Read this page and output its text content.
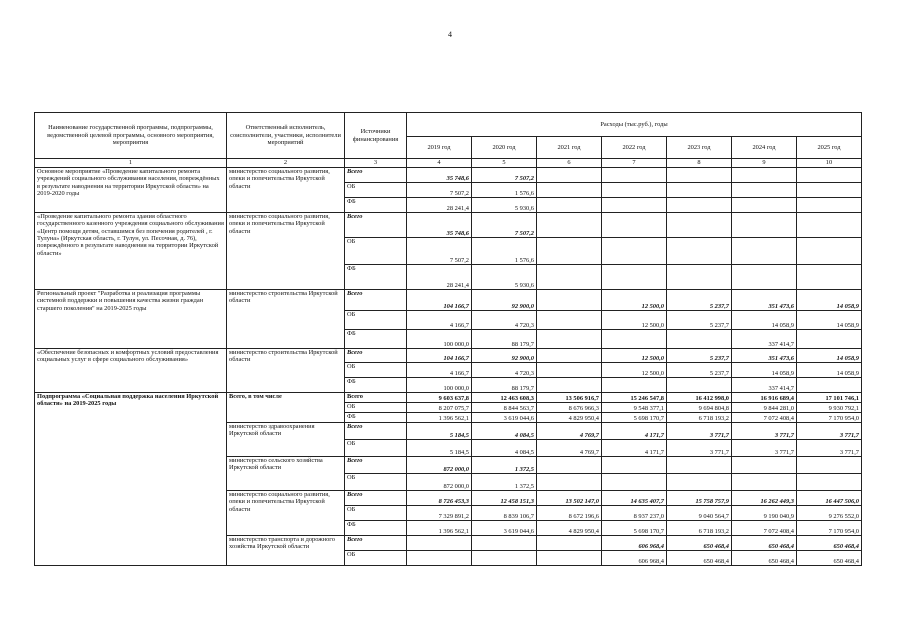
4
Наименование государственной программы, подпрограммы, ведомственной целевой программы, основного мероприятия, мероприятия	Ответственный исполнитель, соисполнители, участники, исполнители мероприятий	Источники финансирования	Расходы (тыс.руб.), годы						
			2019 год	2020 год	2021 год	2022 год	2023 год	2024 год	2025 год
1	2	3	4	5	6	7	8	9	10
Основное мероприятие «Проведение капитального ремонта учреждений социального обслуживания населения, повреждённых в результате наводнения на территории Иркутской области» на 2019-2020 годы	министерство социального развития, опеки и попечительства Иркутской области	Всего	35 748,6	7 507,2					
		ОБ	7 507,2	1 576,6					
		ФБ	28 241,4	5 930,6					
«Проведение капитального ремонта здания областного государственного казенного учреждения социального обслуживания «Центр помощи детям, оставшимся без попечения родителей , г. Тулуна» (Иркутская область, г. Тулун, ул. Песочная, д. 76), повреждённого в результате наводнения на территории Иркутской области»	министерство социального развития, опеки и попечительства Иркутской области	Всего	35 748,6	7 507,2					
		ОБ	7 507,2	1 576,6					
		ФБ	28 241,4	5 930,6					
Региональный проект "Разработка и реализация программы системной поддержки и повышения качества жизни граждан старшего поколения" на 2019-2025 годы	министерство строительства Иркутской области	Всего	104 166,7	92 900,0		12 500,0	5 237,7	351 473,6	14 058,9
		ОБ	4 166,7	4 720,3		12 500,0	5 237,7	14 058,9	14 058,9
		ФБ	100 000,0	88 179,7				337 414,7	
«Обеспечение безопасных и комфортных условий предоставления социальных услуг в сфере социального обслуживания»	министерство строительства Иркутской области	Всего	104 166,7	92 900,0		12 500,0	5 237,7	351 473,6	14 058,9
		ОБ	4 166,7	4 720,3		12 500,0	5 237,7	14 058,9	14 058,9
		ФБ	100 000,0	88 179,7				337 414,7	
Подпрограмма «Социальная поддержка населения Иркутской области» на 2019-2025 годы	Всего, в том числе	Всего	9 603 637,8	12 463 608,3	13 506 916,7	15 246 547,8	16 412 998,0	16 916 689,4	17 101 746,1
		ОБ	8 207 075,7	8 844 563,7	8 676 966,3	9 548 377,1	9 694 804,8	9 844 281,0	9 930 792,1
		ФБ	1 396 562,1	3 619 044,6	4 829 950,4	5 698 170,7	6 718 193,2	7 072 408,4	7 170 954,0
	министерство здравоохранения Иркутской области	Всего	5 184,5	4 084,5	4 769,7	4 171,7	3 771,7	3 771,7	3 771,7
		ОБ	5 184,5	4 084,5	4 769,7	4 171,7	3 771,7	3 771,7	3 771,7
	министерство сельского хозяйства Иркутской области	Всего	872 000,0	1 372,5					
		ОБ	872 000,0	1 372,5					
	министерство социального развития, опеки и попечительства Иркутской области	Всего	8 726 453,3	12 458 151,3	13 502 147,0	14 635 407,7	15 758 757,9	16 262 449,3	16 447 506,0
		ОБ	7 329 891,2	8 839 106,7	8 672 196,6	8 937 237,0	9 040 564,7	9 190 040,9	9 276 552,0
		ФБ	1 396 562,1	3 619 044,6	4 829 950,4	5 698 170,7	6 718 193,2	7 072 408,4	7 170 954,0
	министерство транспорта и дорожного хозяйства Иркутской области	Всего				606 968,4	650 468,4	650 468,4	650 468,4
		ОБ				606 968,4	650 468,4	650 468,4	650 468,4
